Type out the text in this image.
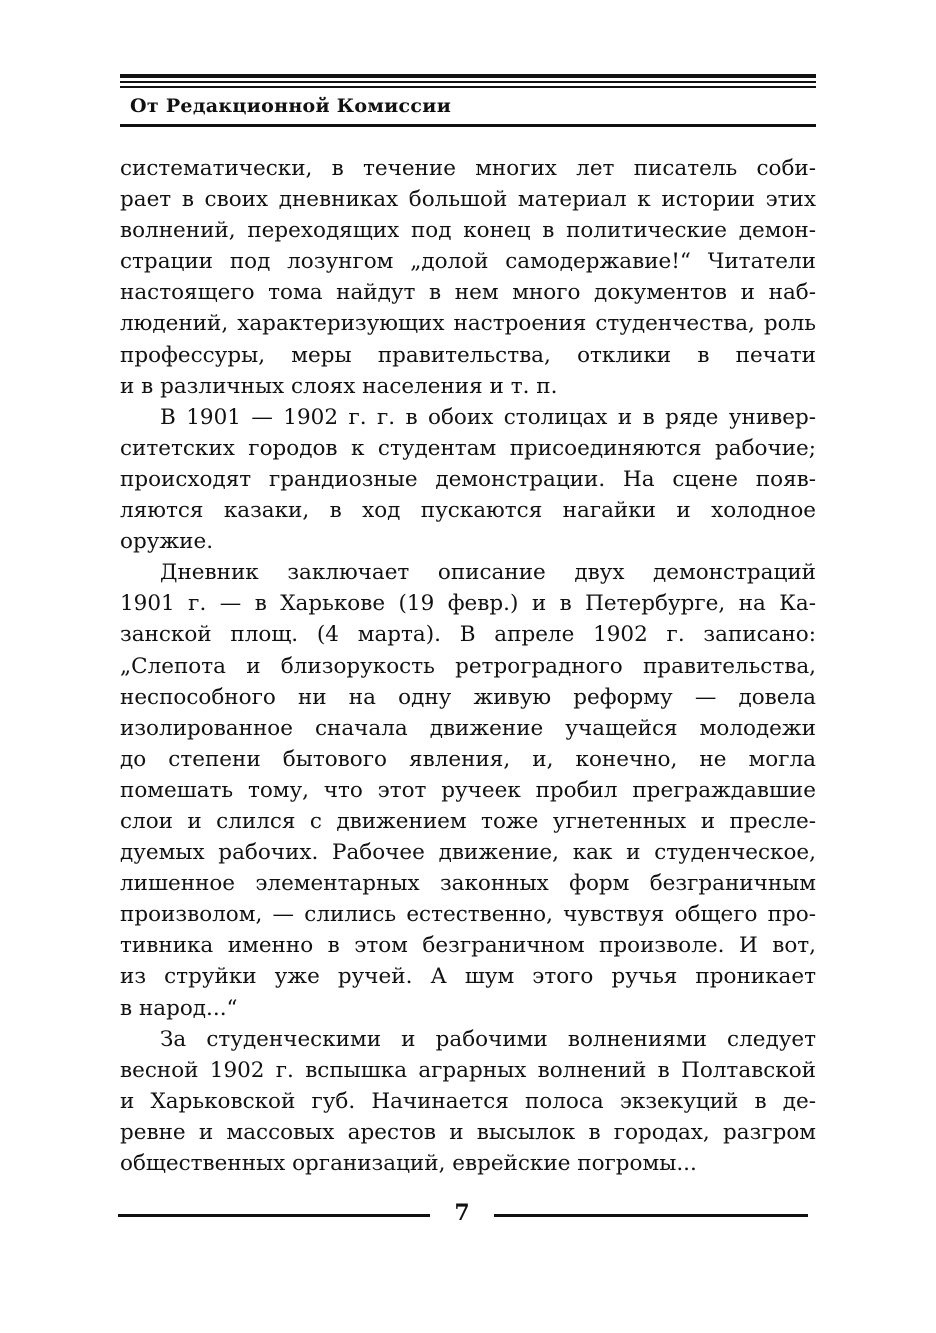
От Редакционной Комиссии
систематически, в течение многих лет писатель соби-
рает в своих дневниках большой материал к истории этих
волнений, переходящих под конец в политические демон-
страции под лозунгом „долой самодержавие!“ Читатели
настоящего тома найдут в нем много документов и наб-
людений, характеризующих настроения студенчества, роль
профессуры, меры правительства, отклики в печати
и в различных слоях населения и т. п.
В 1901 — 1902 г. г. в обоих столицах и в ряде универ-
ситетских городов к студентам присоединяются рабочие;
происходят грандиозные демонстрации. На сцене появ-
ляются казаки, в ход пускаются нагайки и холодное
оружие.
Дневник заключает описание двух демонстраций
1901 г. — в Харькове (19 февр.) и в Петербурге, на Ка-
занской площ. (4 марта). В апреле 1902 г. записано:
„Слепота и близорукость ретроградного правительства,
неспособного ни на одну живую реформу — довела
изолированное сначала движение учащейся молодежи
до степени бытового явления, и, конечно, не могла
помешать тому, что этот ручеек пробил преграждавшие
слои и слился с движением тоже угнетенных и пресле-
дуемых рабочих. Рабочее движение, как и студенческое,
лишенное элементарных законных форм безграничным
произволом, — слились естественно, чувствуя общего про-
тивника именно в этом безграничном произволе. И вот,
из струйки уже ручей. А шум этого ручья проникает
в народ...“
За студенческими и рабочими волнениями следует
весной 1902 г. вспышка аграрных волнений в Полтавской
и Харьковской губ. Начинается полоса экзекуций в де-
ревне и массовых арестов и высылок в городах, разгром
общественных организаций, еврейские погромы...
7
